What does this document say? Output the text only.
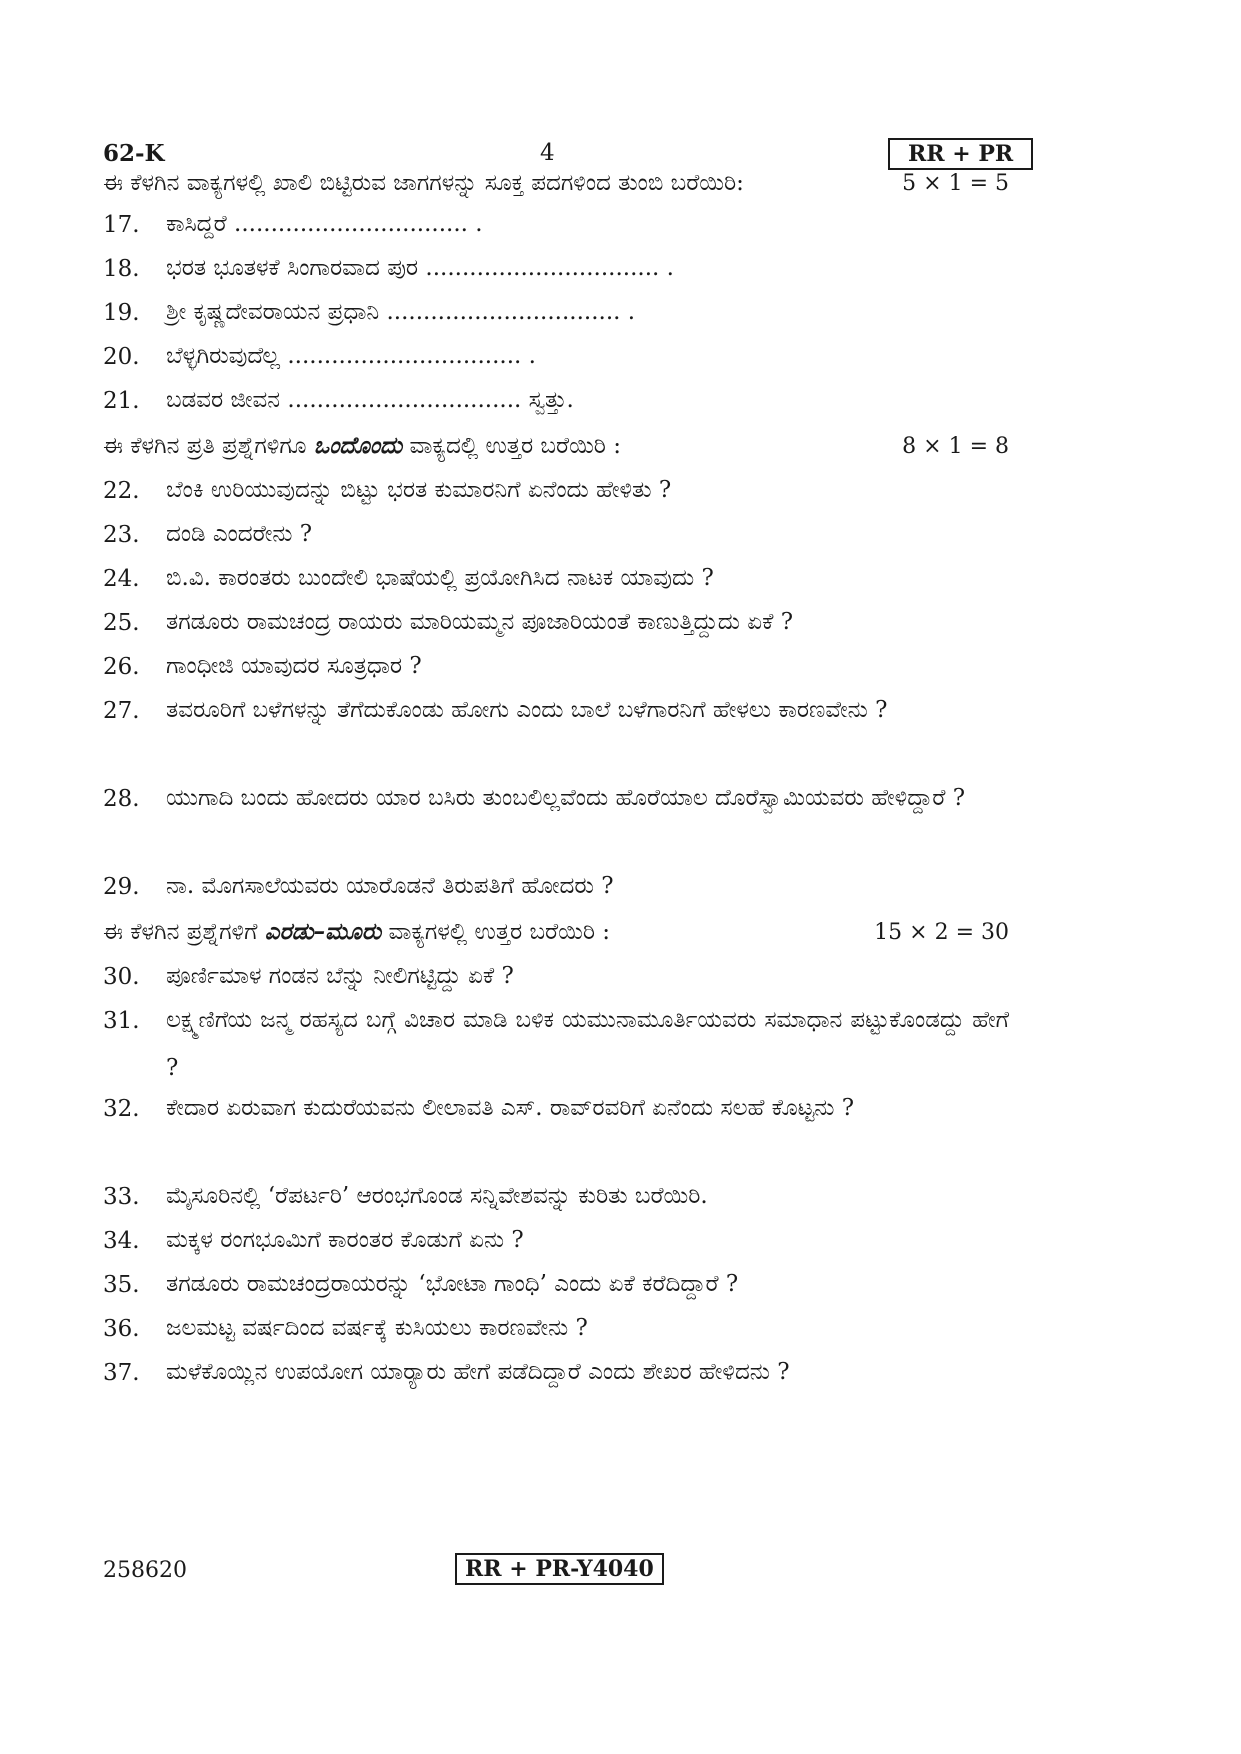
62-K	4	RR + PR
ಈ ಕೆಳಗಿನ ವಾಕ್ಯಗಳಲ್ಲಿ ಖಾಲಿ ಬಿಟ್ಟಿರುವ ಜಾಗಗಳನ್ನು ಸೂಕ್ತ ಪದಗಳಿಂದ ತುಂಬಿ ಬರೆಯಿರಿ:	5 × 1 = 5
17. ಕಾಸಿದ್ದರೆ ................................ .
18. ಭರತ ಭೂತಳಕೆ ಸಿಂಗಾರವಾದ ಪುರ ................................ .
19. ಶ್ರೀ ಕೃಷ್ಣದೇವರಾಯನ ಪ್ರಧಾನಿ ................................ .
20. ಬೆಳ್ಳಗಿರುವುದೆಲ್ಲ ................................ .
21. ಬಡವರ ಜೀವನ ................................ ಸ್ವತ್ತು.
ಈ ಕೆಳಗಿನ ಪ್ರತಿ ಪ್ರಶ್ನೆಗಳಿಗೂ ಒಂದೊಂದು ವಾಕ್ಯದಲ್ಲಿ ಉತ್ತರ ಬರೆಯಿರಿ :	8 × 1 = 8
22. ಬೆಂಕಿ ಉರಿಯುವುದನ್ನು ಬಿಟ್ಟು ಭರತ ಕುಮಾರನಿಗೆ ಏನೆಂದು ಹೇಳಿತು ?
23. ದಂಡಿ ಎಂದರೇನು ?
24. ಬಿ.ವಿ. ಕಾರಂತರು ಬುಂದೇಲಿ ಭಾಷೆಯಲ್ಲಿ ಪ್ರಯೋಗಿಸಿದ ನಾಟಕ ಯಾವುದು ?
25. ತಗಡೂರು ರಾಮಚಂದ್ರ ರಾಯರು ಮಾರಿಯಮ್ಮನ ಪೂಜಾರಿಯಂತೆ ಕಾಣುತ್ತಿದ್ದುದು ಏಕೆ ?
26. ಗಾಂಧೀಜಿ ಯಾವುದರ ಸೂತ್ರಧಾರ ?
27. ತವರೂರಿಗೆ ಬಳೆಗಳನ್ನು ತೆಗೆದುಕೊಂಡು ಹೋಗು ಎಂದು ಬಾಲೆ ಬಳೆಗಾರನಿಗೆ ಹೇಳಲು ಕಾರಣವೇನು ?
28. ಯುಗಾದಿ ಬಂದು ಹೋದರು ಯಾರ ಬಸಿರು ತುಂಬಲಿಲ್ಲವೆಂದು ಹೊರೆಯಾಲ ದೊರೆಸ್ವಾಮಿಯವರು ಹೇಳಿದ್ದಾರೆ ?
29. ನಾ. ಮೊಗಸಾಲೆಯವರು ಯಾರೊಡನೆ ತಿರುಪತಿಗೆ ಹೋದರು ?
ಈ ಕೆಳಗಿನ ಪ್ರಶ್ನೆಗಳಿಗೆ ಎರಡು–ಮೂರು ವಾಕ್ಯಗಳಲ್ಲಿ ಉತ್ತರ ಬರೆಯಿರಿ :	15 × 2 = 30
30. ಪೂರ್ಣಿಮಾಳ ಗಂಡನ ಬೆನ್ನು ನೀಲಿಗಟ್ಟಿದ್ದು ಏಕೆ ?
31. ಲಕ್ಷ್ಮಣಿಗೆಯ ಜನ್ಮ ರಹಸ್ಯದ ಬಗ್ಗೆ ವಿಚಾರ ಮಾಡಿ ಬಳಿಕ ಯಮುನಾಮೂರ್ತಿಯವರು ಸಮಾಧಾನ ಪಟ್ಟುಕೊಂಡದ್ದು ಹೇಗೆ ?
32. ಕೇದಾರ ಏರುವಾಗ ಕುದುರೆಯವನು ಲೀಲಾವತಿ ಎಸ್. ರಾವ್‌ರವರಿಗೆ ಏನೆಂದು ಸಲಹೆ ಕೊಟ್ಟನು ?
33. ಮೈಸೂರಿನಲ್ಲಿ ‘ರೆಪರ್ಟರಿ’ ಆರಂಭಗೊಂಡ ಸನ್ನಿವೇಶವನ್ನು ಕುರಿತು ಬರೆಯಿರಿ.
34. ಮಕ್ಕಳ ರಂಗಭೂಮಿಗೆ ಕಾರಂತರ ಕೊಡುಗೆ ಏನು ?
35. ತಗಡೂರು ರಾಮಚಂದ್ರರಾಯರನ್ನು ‘ಭೋಟಾ ಗಾಂಧಿ’ ಎಂದು ಏಕೆ ಕರೆದಿದ್ದಾರೆ ?
36. ಜಲಮಟ್ಟ ವರ್ಷದಿಂದ ವರ್ಷಕ್ಕೆ ಕುಸಿಯಲು ಕಾರಣವೇನು ?
37. ಮಳೆಕೊಯ್ಲಿನ ಉಪಯೋಗ ಯಾರ್‍ಯಾರು ಹೇಗೆ ಪಡೆದಿದ್ದಾರೆ ಎಂದು ಶೇಖರ ಹೇಳಿದನು ?
258620	RR + PR-Y4040
